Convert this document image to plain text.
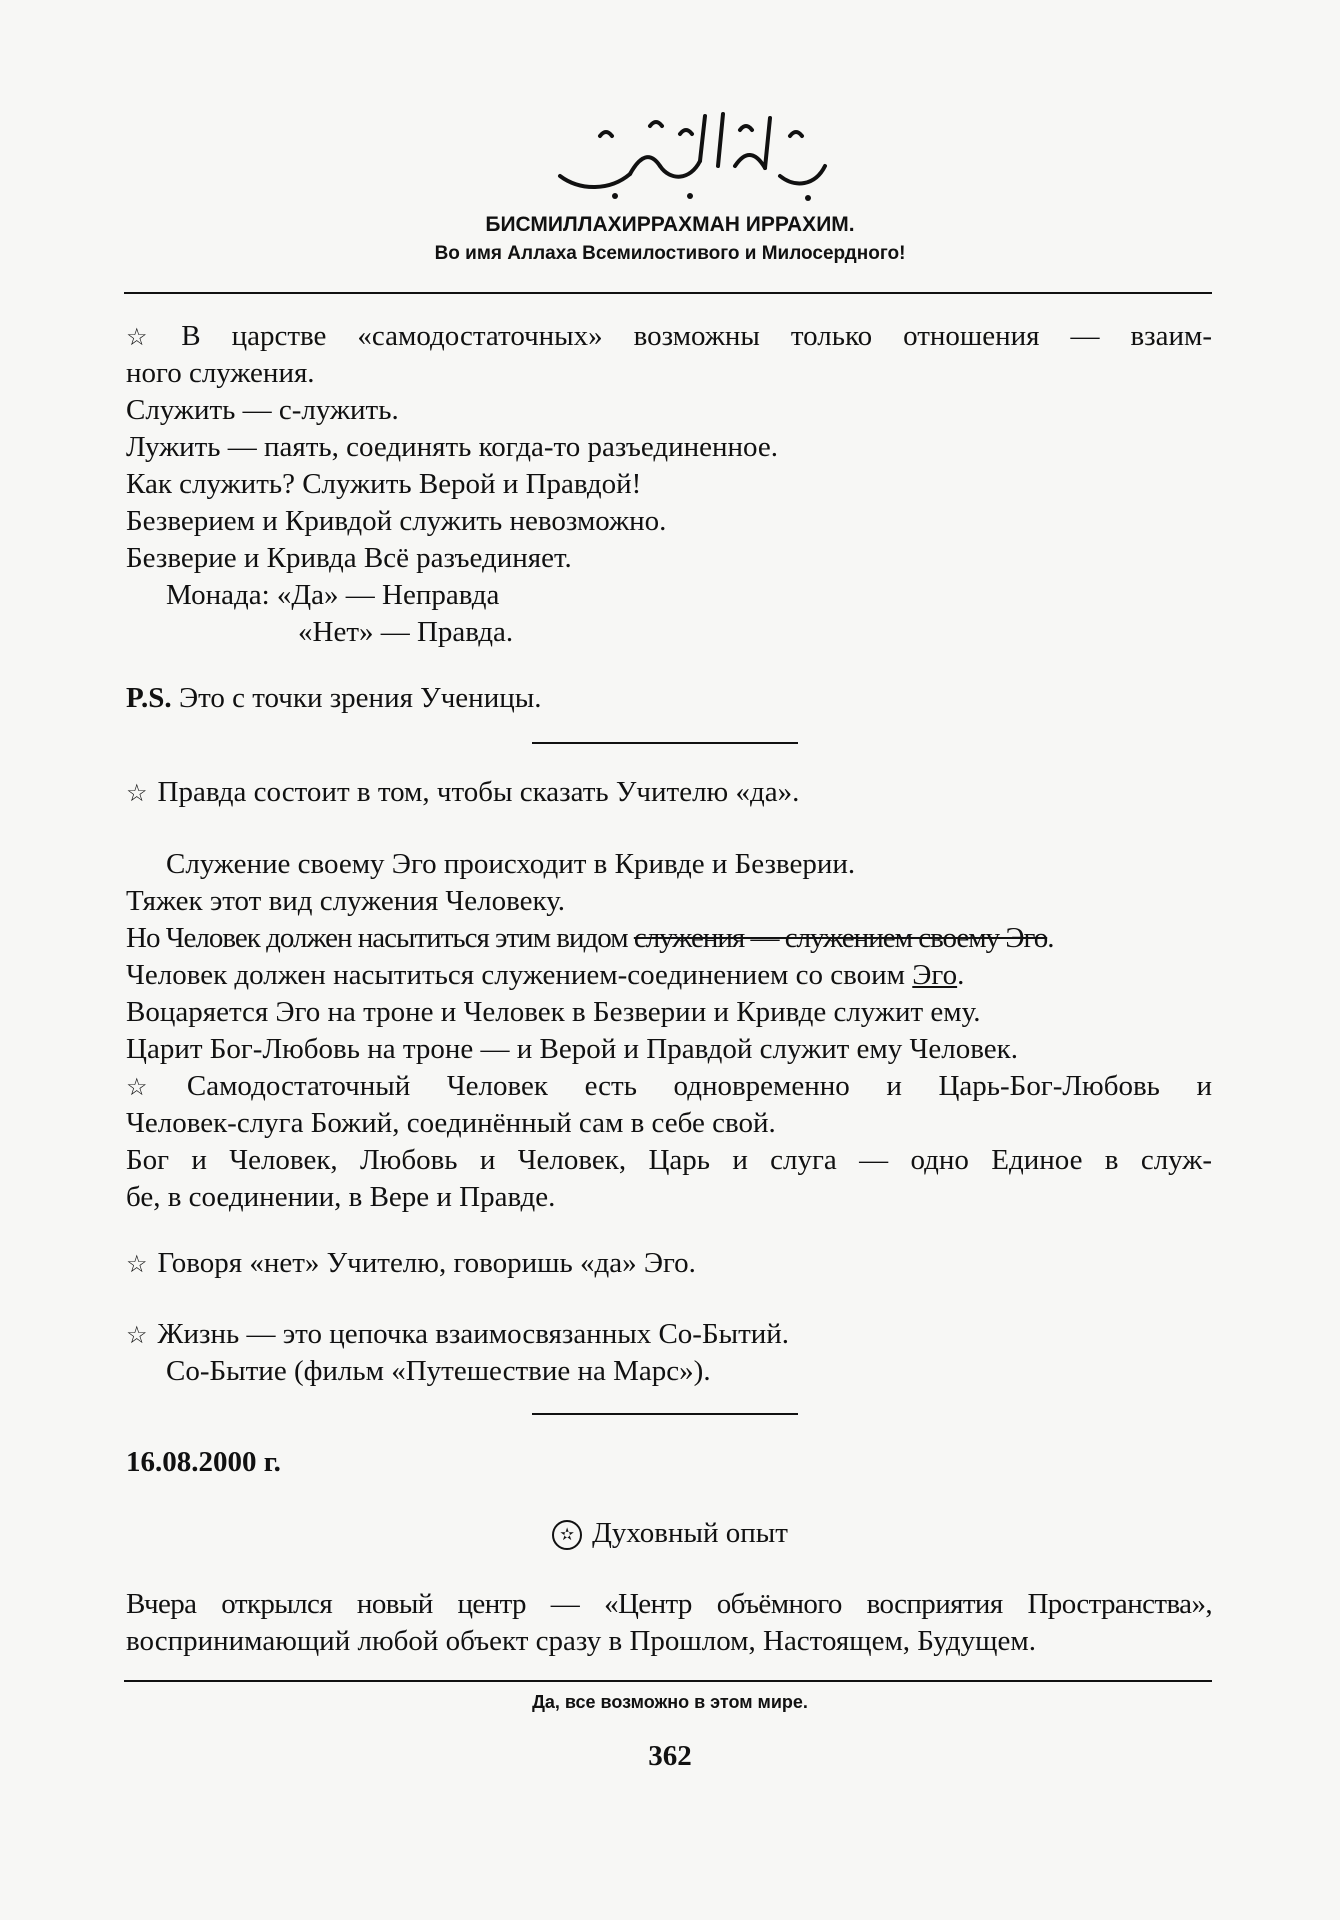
БИСМИЛЛАХИРРАХМАН ИРРАХИМ.
Во имя Аллаха Всемилостивого и Милосердного!
☆ В царстве «самодостаточных» возможны только отношения — взаим-
ного служения.
Служить — с-лужить.
Лужить — паять, соединять когда-то разъединенное.
Как служить? Служить Верой и Правдой!
Безверием и Кривдой служить невозможно.
Безверие и Кривда Всё разъединяет.
Монада: «Да» — Неправда
«Нет» — Правда.
P.S. Это с точки зрения Ученицы.
☆ Правда состоит в том, чтобы сказать Учителю «да».
Служение своему Эго происходит в Кривде и Безверии.
Тяжек этот вид служения Человеку.
Но Человек должен насытиться этим видом служения — служением своему Эго.
Человек должен насытиться служением-соединением со своим Эго.
Воцаряется Эго на троне и Человек в Безверии и Кривде служит ему.
Царит Бог-Любовь на троне — и Верой и Правдой служит ему Человек.
☆ Самодостаточный Человек есть одновременно и Царь-Бог-Любовь и
Человек-слуга Божий, соединённый сам в себе свой.
Бог и Человек, Любовь и Человек, Царь и слуга — одно Единое в служ-
бе, в соединении, в Вере и Правде.
☆ Говоря «нет» Учителю, говоришь «да» Эго.
☆ Жизнь — это цепочка взаимосвязанных Со-Бытий.
Со-Бытие (фильм «Путешествие на Марс»).
16.08.2000 г.
✫ Духовный опыт
Вчера открылся новый центр — «Центр объёмного восприятия Пространства»,
воспринимающий любой объект сразу в Прошлом, Настоящем, Будущем.
Да, все возможно в этом мире.
362
